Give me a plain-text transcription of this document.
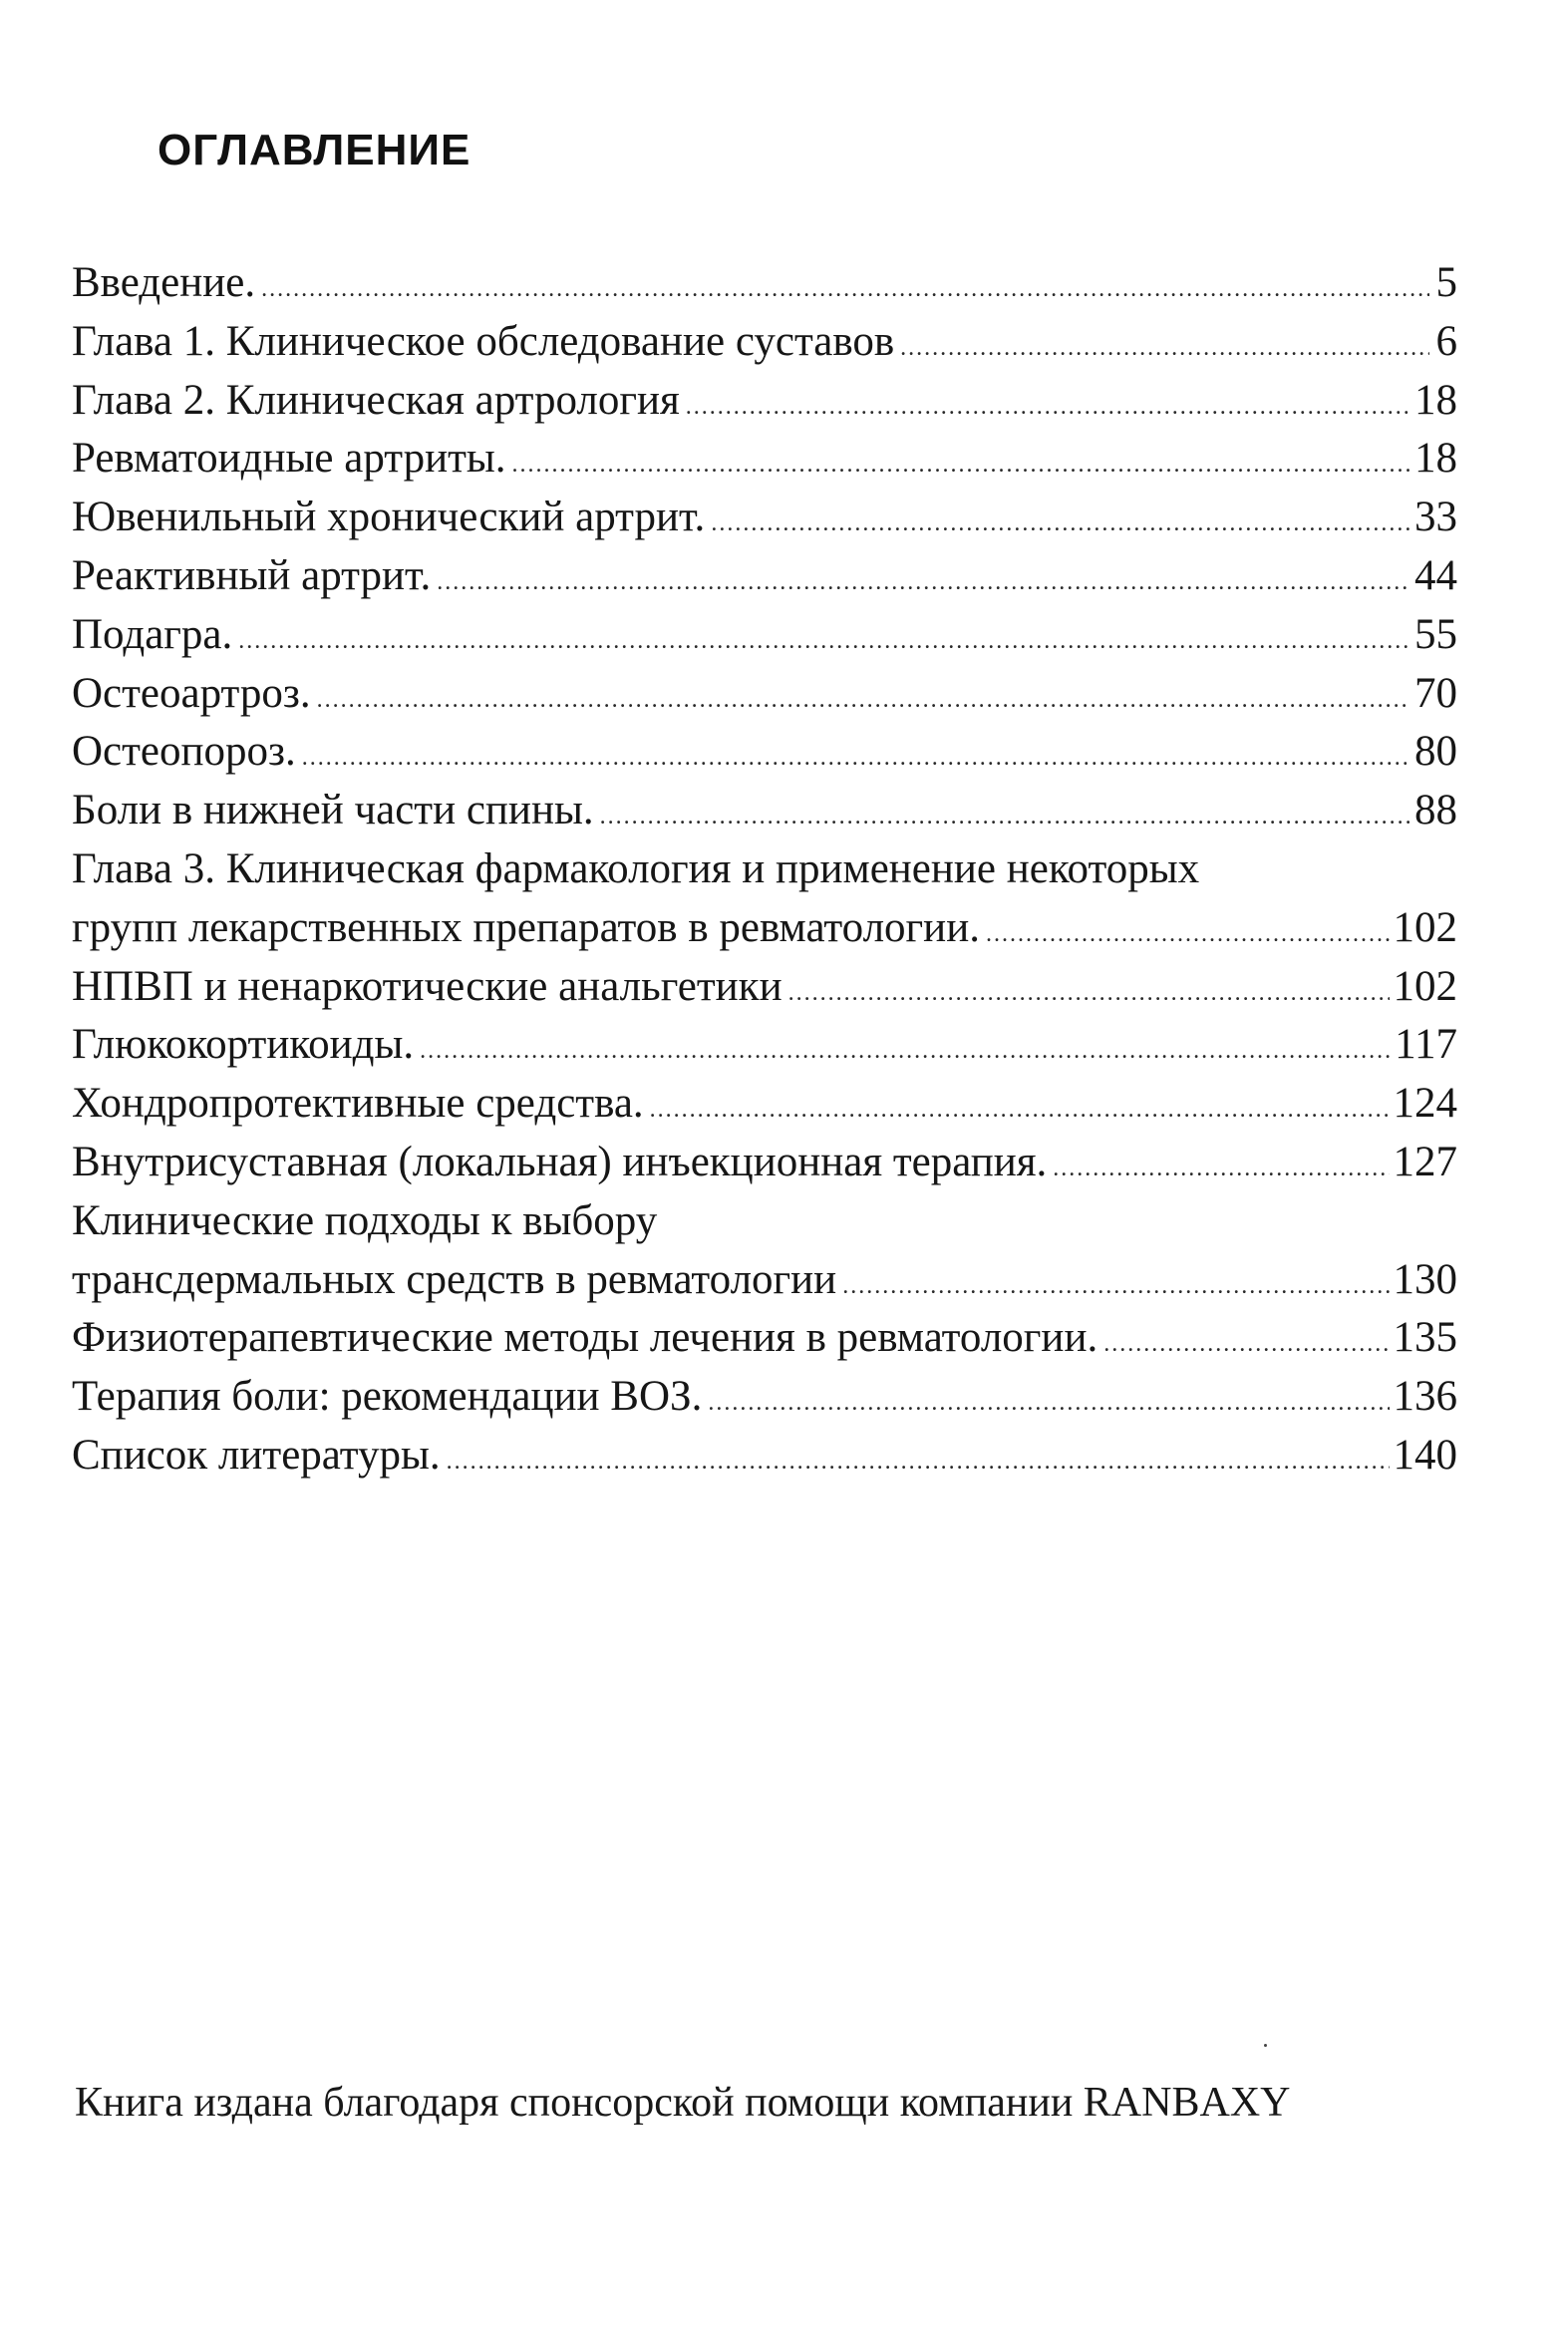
ОГЛАВЛЕНИЕ
Введение. .....	5
Глава 1. Клиническое обследование суставов .....	6
Глава 2. Клиническая артрология .....	18
Ревматоидные артриты. .....	18
Ювенильный хронический артрит. .....	33
Реактивный артрит. .....	44
Подагра. .....	55
Остеоартроз. .....	70
Остеопороз. .....	80
Боли в нижней части спины. .....	88
Глава 3. Клиническая фармакология и применение некоторых
групп лекарственных препаратов в ревматологии. .....	102
НПВП и ненаркотические анальгетики .....	102
Глюкокортикоиды. .....	117
Хондропротективные средства. .....	124
Внутрисуставная (локальная) инъекционная терапия. .....	127
Клинические подходы к выбору
трансдермальных средств в ревматологии .....	130
Физиотерапевтические методы лечения в ревматологии. .....	135
Терапия боли: рекомендации ВОЗ. .....	136
Список литературы. .....	140
Книга издана благодаря спонсорской помощи компании RANBAXY
